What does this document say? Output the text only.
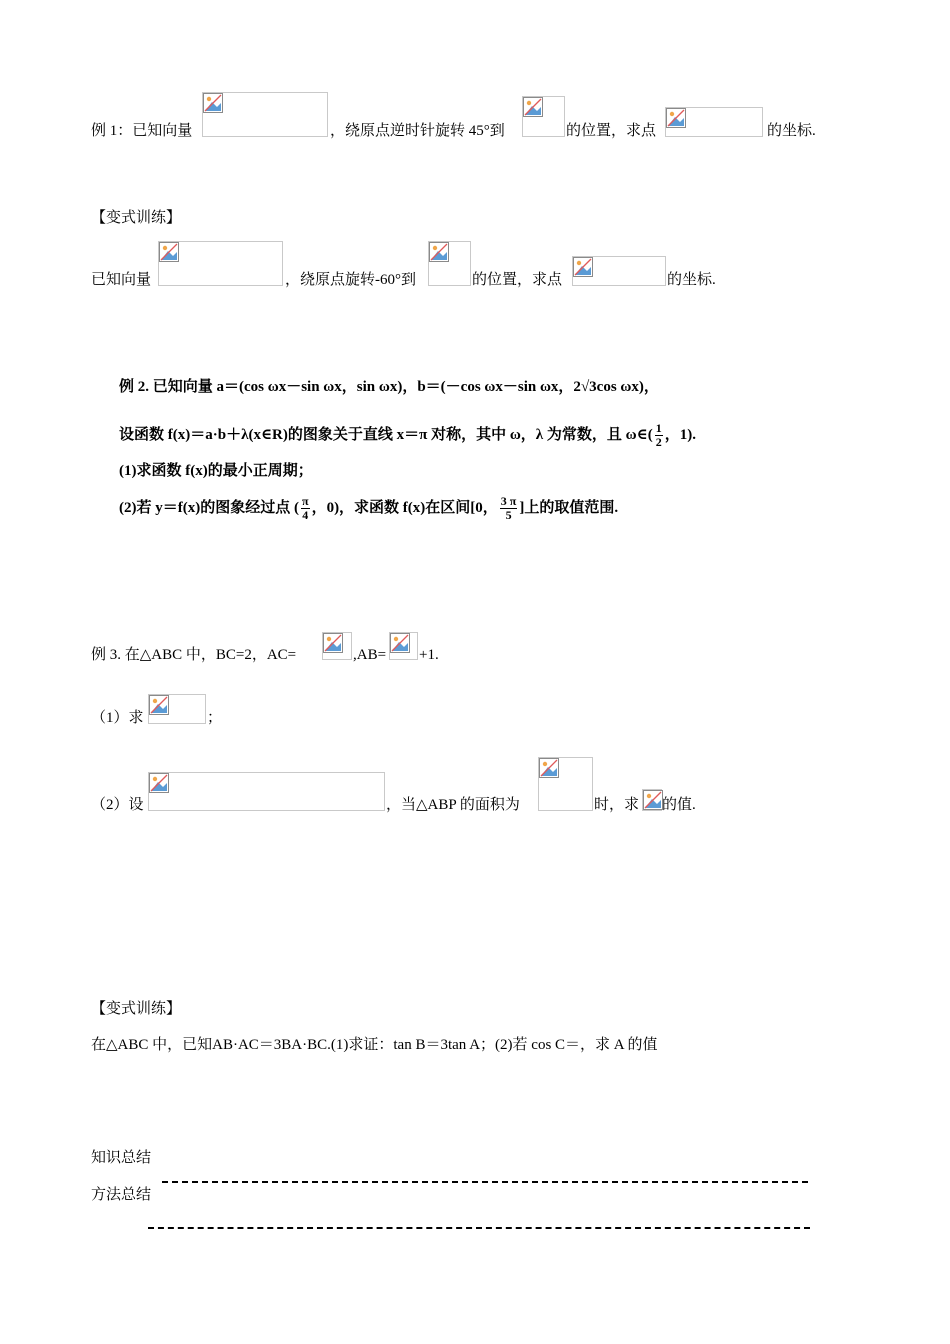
例 1：已知向量	，绕原点逆时针旋转 45°到	的位置，求点	的坐标.
【变式训练】
已知向量	，绕原点旋转-60°到	的位置，求点	的坐标.
例 2. 已知向量 a＝(cos ωx－sin ωx，sin ωx)，b＝(－cos ωx－sin ωx，2√3cos ωx)，
设函数 f(x)＝a·b＋λ(x∈R)的图象关于直线 x＝π 对称，其中 ω，λ 为常数，且 ω∈( $\frac{1}{2}$ ，1).
(1)求函数 f(x)的最小正周期；
(2)若 y＝f(x)的图象经过点 ( $\frac{\pi}{4}$ ，0)，求函数 f(x)在区间[0， $\frac{3 \pi}{5}$ ]上的取值范围.
例 3. 在△ABC 中，BC=2，AC=	,AB= +1.
（1）求	；
（2）设	，当△ABP 的面积为	时，求 的值.
【变式训练】
在△ABC 中，已知AB·AC＝3BA·BC.(1)求证：tan B＝3tan A；(2)若 cos C＝，求 A 的值
知识总结
方法总结
